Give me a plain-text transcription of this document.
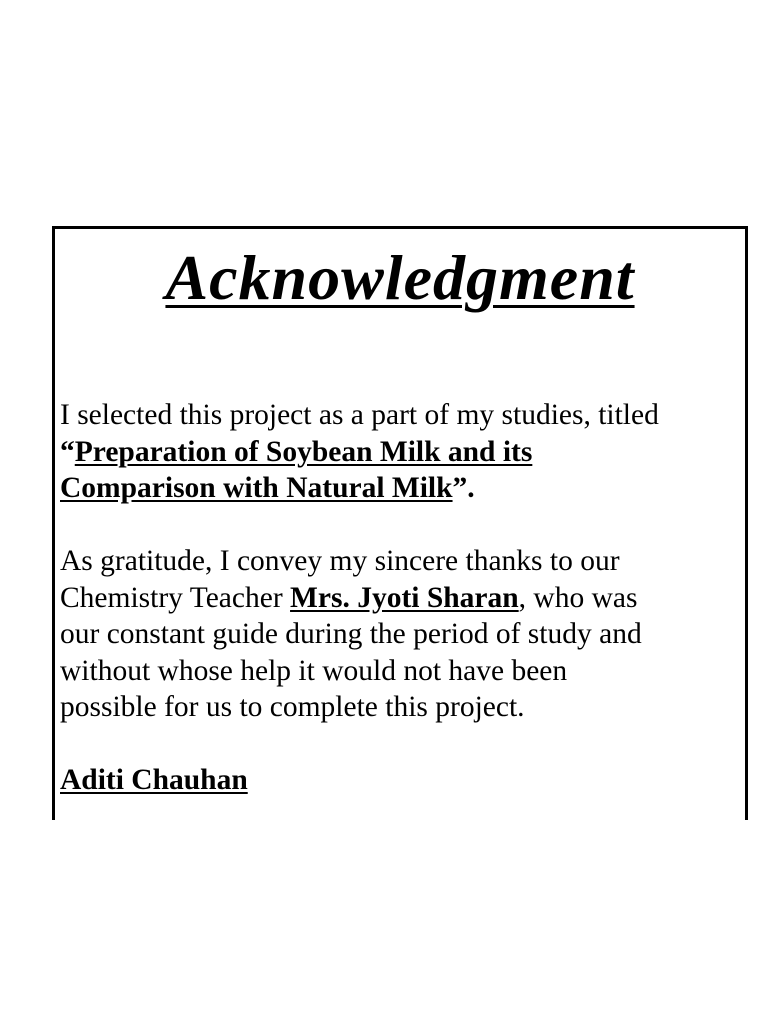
Acknowledgment

I selected this project as a part of my studies, titled
“Preparation of Soybean Milk and its
Comparison with Natural Milk”.

As gratitude, I convey my sincere thanks to our
Chemistry Teacher Mrs. Jyoti Sharan, who was
our constant guide during the period of study and
without whose help it would not have been
possible for us to complete this project.

Aditi Chauhan
